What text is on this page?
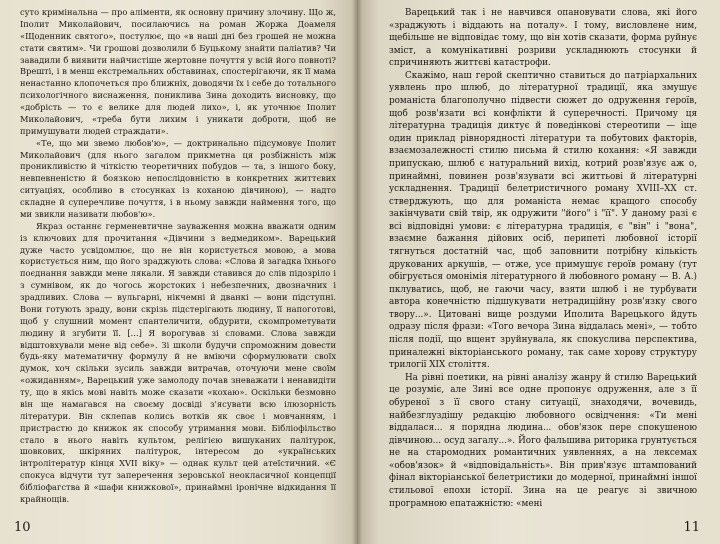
суто кримінальна — про аліменти, як основну причину злочину. Що ж, Іполит Миколайович, посилаючись на роман Жоржа Доамеля «Щоденник святого», постулює, що «в наші дні без грошей не можна стати святим». Чи грошові дозволили б Буцькому знайти паліатив? Чи завадили б виявити найчистіше жертовне почуття у всій його повноті? Врешті, і в менш екстремальних обставинах, спостерігаючи, як її мама ненастанно клопочеться про ближніх, доводячи їх і себе до тотального психологічного виснаження, пониклива Зина доходить висновку, що «добрість — то є велике для людей лихо», і, як уточнює Іполит Миколайович, «треба бути лихим і уникати доброти, щоб не примушувати людей страждати».

«Те, що ми звемо любов'ю», — доктринально підсумовує Іполит Миколайович (для нього загалом прикметна ця розбіжність між проникливістю й чіткістю теоретичних побудов — та, з іншого боку, невпевненістю й боязкою непослідовністю в конкретних життєвих ситуаціях, особливо в стосунках із коханою дівчиною), — надто складне й суперечливе почуття, і в ньому завжди наймення того, що ми звикли називати любов'ю».

Якраз останнє герменевтичне зауваження можна вважати одним із ключових для прочитання «Дівчини з ведмедиком». Варецький дуже часто усвідомлює, що не він користується мовою, а мова користується ним, що його зраджують слова: «Слова й загадка їхнього поєднання завжди мене лякали. Я завжди ставився до слів підозріло і з сумнівом, як до чогось жорстоких і небезпечних, двозначних і зрадливих. Слова — вульгарні, нікчемні й дванкі — вони підступні. Вони готують зраду, вони скрізь підстерігають людину, її напоготові, щоб у слушний момент спантеличити, обдурити, скомпрометувати людину й згубити її. [...] Я ворогував зі словами. Слова завжди відштовхували мене від себе». Зі школи будучи спроможним довести будь-яку математичну формулу й не вміючи сформулювати своїх думок, хоч скільки зусиль завжди витрачав, оточуючи мене своїм «ожиданням», Варецький уже замолоду почав зневажати і ненавидіти ту, що в якісь мові навіть може сказати «кохаю». Оскільки безмовно він ще намагався на своєму досвіді з'ясувати всю ілюзорність літератури. Він склепав колись вотків як своє і мовчанням, і пристрастю до книжок як способу утримання мови. Бібліофільство стало в нього навіть культом, релігією вишуканих палітурок, шовкових, шкіряних палітурок, інтересом до «українських інтролітератур кінця XVII віку» — однак культ цей атеїстичний. «Є спокуса відчути тут заперечення зеровської неокласичної концепції бібліофагства й «шафи книжкової», принаймні іронічне відкидання її крайнощів.

10

Варецький так і не навчився опановувати слова, які його «зраджують і віддають на поталу». І тому, висловлене ним, щебільше не відповідає тому, що він хотів сказати, форма руйнує зміст, а комунікативні розриви ускладнюють стосунки й спричиняють життєві катастрофи.

Скажімо, наш герой скептично ставиться до патріархальних уявлень про шлюб, до літературної традиції, яка змушує романіста благополучно підвести сюжет до одруження героїв, щоб розв'язати всі конфлікти й суперечності. Причому ця літературна традиція диктує й поведінкові стереотипи — іще один приклад рівнорядності літератури та побутових факторів, взаємозалежності стилю письма й стилю кохання: «Я завжди припускаю, шлюб є натуральний вихід, котрий розв'язує аж о, принаймні, повинен розв'язувати всі життьові й літературні ускладнення. Традиції белетристичного роману XVIII–XX ст. стверджують, що для романіста немає кращого способу закінчувати свій твір, як одружити "його" і "її". У даному разі є всі відповідні умови: є літературна традиція, є "він" і "вона", взаємне бажання дійових осіб, перипеті любовної історії тягнуться достатній час, щоб заповнити потрібну кількість друкованих аркушів, — отже, усе примушує героїв роману (тут обігрується омонімія літературного й любовного роману — В. А.) пклуватись, щоб, не гаючи часу, взяти шлюб і не турбувати автора конечністю підшукувати нетрадиційну розв'язку свого твору...». Цитовані вище роздуми Иполита Варецького йдуть одразу після фрази: «Того вечора Зина віддалась мені», — тобто після події, що вщент зруйнувала, як спокуслива перспектива, приналежні вікторіанського роману, так саме хорову структуру трилогії XIX століття.

На рівні поетики, на рівні аналізу жанру й стилю Варецький це розуміє, але Зині все одне пропонує одруження, але з її обуреної з її свого стану ситуації, знаходячи, вочевидь, найбезглуздішу редакцію любовного освідчення: «Ти мені віддалася... я порядна людина... обов'язок пере спокушеною дівчиною... осуд загалу...». Його фальшива риторика грунтується не на старомодних романтичних уявленнях, а на лексемах «обов'язок» й «відповідальність». Він прив'язує штампований фінал вікторіанської белетристики до модерної, принаймні іншої стильової епохи історії. Зина на це реагує зі звичною програмною епатажністю: «мені

11
